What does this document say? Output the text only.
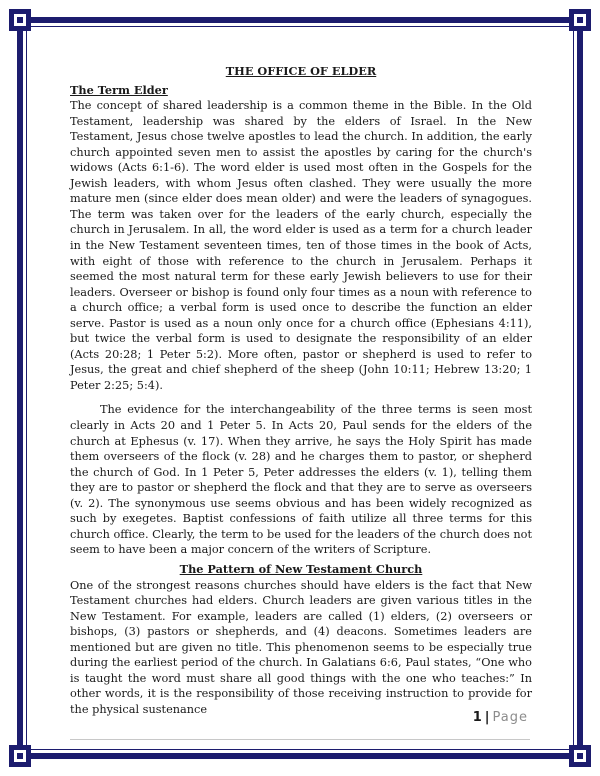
THE OFFICE OF ELDER
The Term Elder

The concept of shared leadership is a common theme in the Bible. In the Old Testament, leadership was shared by the elders of Israel. In the New Testament, Jesus chose twelve apostles to lead the church. In addition, the early church appointed seven men to assist the apostles by caring for the church's widows (Acts 6:1-6). The word elder is used most often in the Gospels for the Jewish leaders, with whom Jesus often clashed. They were usually the more mature men (since elder does mean older) and were the leaders of synagogues. The term was taken over for the leaders of the early church, especially the church in Jerusalem. In all, the word elder is used as a term for a church leader in the New Testament seventeen times, ten of those times in the book of Acts, with eight of those with reference to the church in Jerusalem. Perhaps it seemed the most natural term for these early Jewish believers to use for their leaders. Overseer or bishop is found only four times as a noun with reference to a church office; a verbal form is used once to describe the function an elder serve. Pastor is used as a noun only once for a church office (Ephesians 4:11), but twice the verbal form is used to designate the responsibility of an elder (Acts 20:28; 1 Peter 5:2). More often, pastor or shepherd is used to refer to Jesus, the great and chief shepherd of the sheep (John 10:11; Hebrew 13:20; 1 Peter 2:25; 5:4).

The evidence for the interchangeability of the three terms is seen most clearly in Acts 20 and 1 Peter 5. In Acts 20, Paul sends for the elders of the church at Ephesus (v. 17). When they arrive, he says the Holy Spirit has made them overseers of the flock (v. 28) and he charges them to pastor, or shepherd the church of God. In 1 Peter 5, Peter addresses the elders (v. 1), telling them they are to pastor or shepherd the flock and that they are to serve as overseers (v. 2). The synonymous use seems obvious and has been widely recognized as such by exegetes. Baptist confessions of faith utilize all three terms for this church office. Clearly, the term to be used for the leaders of the church does not seem to have been a major concern of the writers of Scripture.

The Pattern of New Testament Church

One of the strongest reasons churches should have elders is the fact that New Testament churches had elders. Church leaders are given various titles in the New Testament. For example, leaders are called (1) elders, (2) overseers or bishops, (3) pastors or shepherds, and (4) deacons. Sometimes leaders are mentioned but are given no title. This phenomenon seems to be especially true during the earliest period of the church. In Galatians 6:6, Paul states, “One who is taught the word must share all good things with the one who teaches:” In other words, it is the responsibility of those receiving instruction to provide for the physical sustenance

1 | Page
